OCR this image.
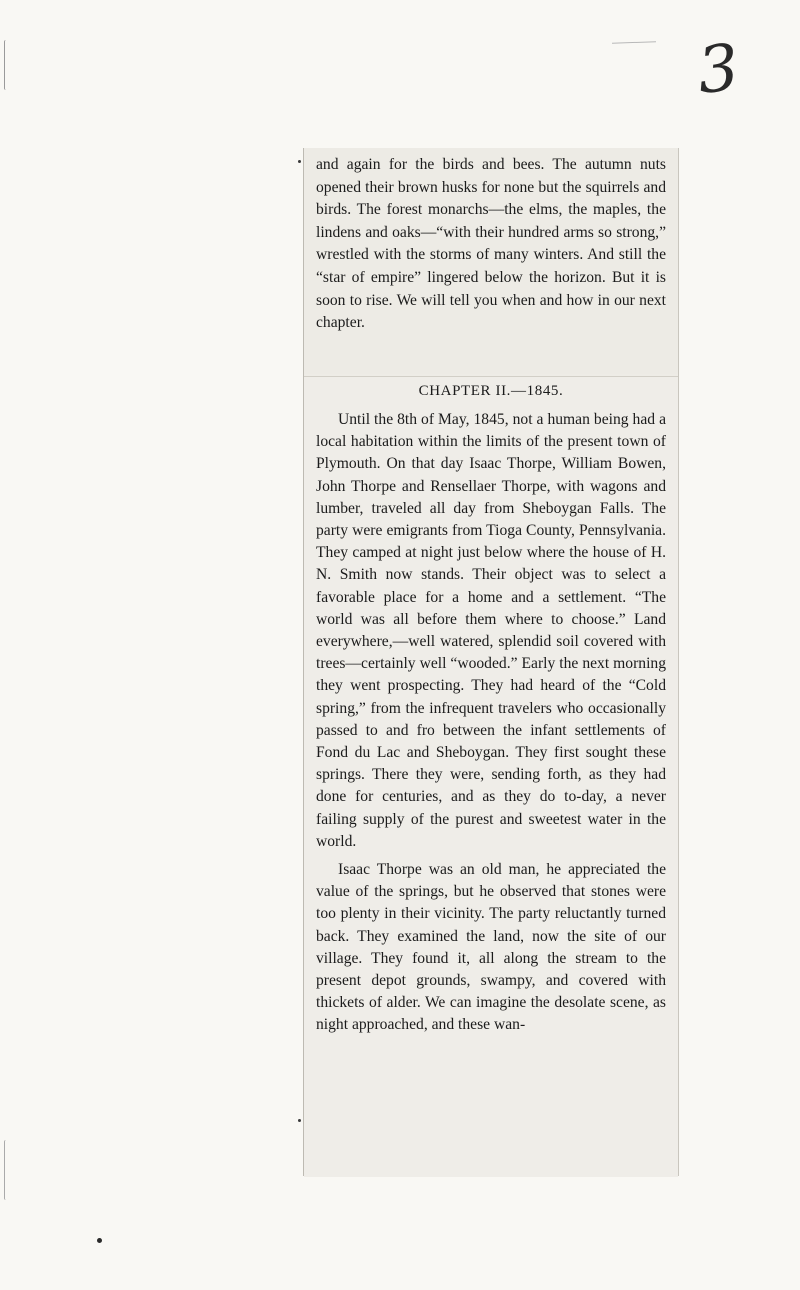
3

and again for the birds and bees. The autumn nuts opened their brown husks for none but the squirrels and birds. The forest monarchs—the elms, the maples, the lindens and oaks—“with their hundred arms so strong,” wrestled with the storms of many winters. And still the “star of empire” lingered below the horizon. But it is soon to rise. We will tell you when and how in our next chapter.

CHAPTER II.—1845.

Until the 8th of May, 1845, not a human being had a local habitation within the limits of the present town of Plymouth. On that day Isaac Thorpe, William Bowen, John Thorpe and Rensellaer Thorpe, with wagons and lumber, traveled all day from Sheboygan Falls. The party were emigrants from Tioga County, Pennsylvania. They camped at night just below where the house of H. N. Smith now stands. Their object was to select a favorable place for a home and a settlement. “The world was all before them where to choose.” Land everywhere,—well watered, splendid soil covered with trees—certainly well “wooded.” Early the next morning they went prospecting. They had heard of the “Cold spring,” from the infrequent travelers who occasionally passed to and fro between the infant settlements of Fond du Lac and Sheboygan. They first sought these springs. There they were, sending forth, as they had done for centuries, and as they do to-day, a never failing supply of the purest and sweetest water in the world.

Isaac Thorpe was an old man, he appreciated the value of the springs, but he observed that stones were too plenty in their vicinity. The party reluctantly turned back. They examined the land, now the site of our village. They found it, all along the stream to the present depot grounds, swampy, and covered with thickets of alder. We can imagine the desolate scene, as night approached, and these wan-
